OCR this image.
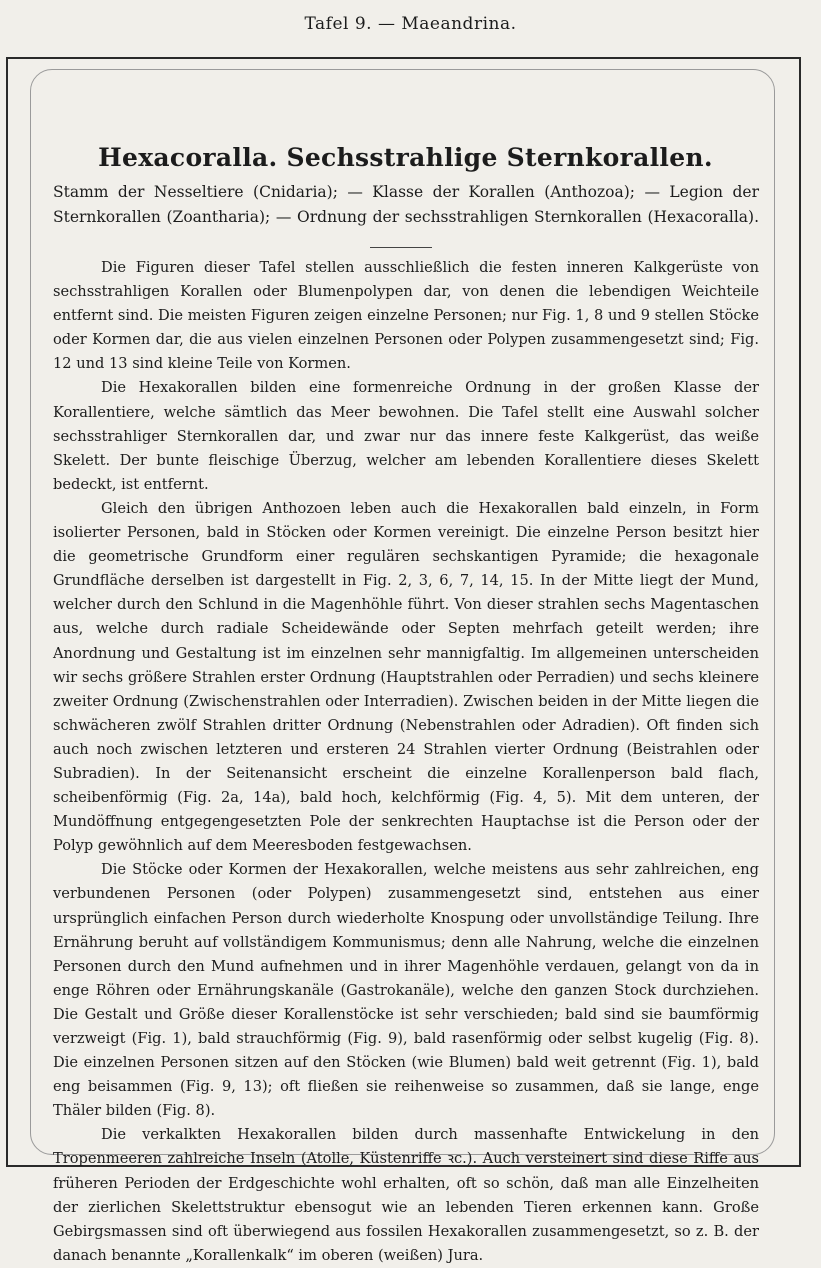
Tafel 9. — Maeandrina.
Hexacoralla. Sechsstrahlige Sternkorallen.
Stamm der Nesseltiere (Cnidaria); — Klasse der Korallen (Anthozoa); — Legion der
Sternkorallen (Zoantharia); — Ordnung der sechsstrahligen Sternkorallen (Hexacoralla).

Die Figuren dieser Tafel stellen ausschließlich die festen inneren Kalkgerüste von sechsstrahligen Korallen oder Blumenpolypen dar, von denen die lebendigen Weichteile entfernt sind. Die meisten Figuren zeigen einzelne Personen; nur Fig. 1, 8 und 9 stellen Stöcke oder Kormen dar, die aus vielen einzelnen Personen oder Polypen zusammengesetzt sind; Fig. 12 und 13 sind kleine Teile von Kormen.

Die Hexakorallen bilden eine formenreiche Ordnung in der großen Klasse der Korallentiere, welche sämtlich das Meer bewohnen. Die Tafel stellt eine Auswahl solcher sechsstrahliger Sternkorallen dar, und zwar nur das innere feste Kalkgerüst, das weiße Skelett. Der bunte fleischige Überzug, welcher am lebenden Korallentiere dieses Skelett bedeckt, ist entfernt.

Gleich den übrigen Anthozoen leben auch die Hexakorallen bald einzeln, in Form isolierter Personen, bald in Stöcken oder Kormen vereinigt. Die einzelne Person besitzt hier die geometrische Grundform einer regulären sechskantigen Pyramide; die hexagonale Grundfläche derselben ist dargestellt in Fig. 2, 3, 6, 7, 14, 15. In der Mitte liegt der Mund, welcher durch den Schlund in die Magenhöhle führt. Von dieser strahlen sechs Magentaschen aus, welche durch radiale Scheidewände oder Septen mehrfach geteilt werden; ihre Anordnung und Gestaltung ist im einzelnen sehr mannigfaltig. Im allgemeinen unterscheiden wir sechs größere Strahlen erster Ordnung (Hauptstrahlen oder Perradien) und sechs kleinere zweiter Ordnung (Zwischenstrahlen oder Interradien). Zwischen beiden in der Mitte liegen die schwächeren zwölf Strahlen dritter Ordnung (Nebenstrahlen oder Adradien). Oft finden sich auch noch zwischen letzteren und ersteren 24 Strahlen vierter Ordnung (Beistrahlen oder Subradien). In der Seitenansicht erscheint die einzelne Korallenperson bald flach, scheibenförmig (Fig. 2a, 14a), bald hoch, kelchförmig (Fig. 4, 5). Mit dem unteren, der Mundöffnung entgegengesetzten Pole der senkrechten Hauptachse ist die Person oder der Polyp gewöhnlich auf dem Meeresboden festgewachsen.

Die Stöcke oder Kormen der Hexakorallen, welche meistens aus sehr zahlreichen, eng verbundenen Personen (oder Polypen) zusammengesetzt sind, entstehen aus einer ursprünglich einfachen Person durch wiederholte Knospung oder unvollständige Teilung. Ihre Ernährung beruht auf vollständigem Kommunismus; denn alle Nahrung, welche die einzelnen Personen durch den Mund aufnehmen und in ihrer Magenhöhle verdauen, gelangt von da in enge Röhren oder Ernährungskanäle (Gastrokanäle), welche den ganzen Stock durchziehen. Die Gestalt und Größe dieser Korallenstöcke ist sehr verschieden; bald sind sie baumförmig verzweigt (Fig. 1), bald strauchförmig (Fig. 9), bald rasenförmig oder selbst kugelig (Fig. 8). Die einzelnen Personen sitzen auf den Stöcken (wie Blumen) bald weit getrennt (Fig. 1), bald eng beisammen (Fig. 9, 13); oft fließen sie reihenweise so zusammen, daß sie lange, enge Thäler bilden (Fig. 8).

Die verkalkten Hexakorallen bilden durch massenhafte Entwickelung in den Tropenmeeren zahlreiche Inseln (Atolle, Küstenriffe ꝛc.). Auch versteinert sind diese Riffe aus früheren Perioden der Erdgeschichte wohl erhalten, oft so schön, daß man alle Einzelheiten der zierlichen Skelettstruktur ebensogut wie an lebenden Tieren erkennen kann. Große Gebirgsmassen sind oft überwiegend aus fossilen Hexakorallen zusammengesetzt, so z. B. der danach benannte „Korallenkalk“ im oberen (weißen) Jura.
